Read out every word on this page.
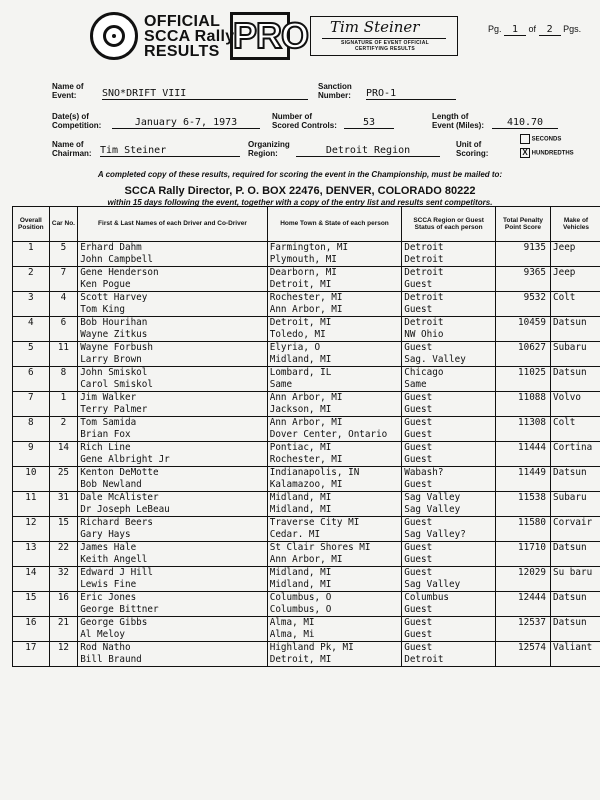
OFFICIAL
SCCA Rally
RESULTS PRO Tim Steiner
SIGNATURE OF EVENT OFFICIAL
CERTIFYING RESULTS
Pg. 1 of 2 Pgs.
Name of
Event:	SNO*DRIFT VIII
Sanction
Number: PRO-1
Date(s) of
Competition:	January 6-7, 1973
Number of
Scored Controls:	53
Length of
Event (Miles):	410.70
Name of
Chairman: Tim Steiner
Organizing
Region:	Detroit Region
Unit of
Scoring:
SECONDS
X HUNDREDTHS
A completed copy of these results, required for scoring the event in the Championship, must be mailed to:
SCCA Rally Director, P. O. BOX 22476, DENVER, COLORADO 80222
within 15 days following the event, together with a copy of the entry list and results sent competitors.
Overall Position	Car No.	First & Last Names of each Driver and Co-Driver	Home Town & State of each person	SCCA Region or Guest Status of each person	Total Penalty Point Score	Make of Vehicles
1	5	Erhard Dahm	Farmington, MI	Detroit	9135	Jeep
		John Campbell	Plymouth, MI	Detroit		
2	7	Gene Henderson	Dearborn, MI	Detroit	9365	Jeep
		Ken Pogue	Detroit, MI	Guest		
3	4	Scott Harvey	Rochester, MI	Detroit	9532	Colt
		Tom King	Ann Arbor, MI	Guest		
4	6	Bob Hourihan	Detroit, MI	Detroit	10459	Datsun
		Wayne Zitkus	Toledo, MI	NW Ohio		
5	11	Wayne Forbush	Elyria, O	Guest	10627	Subaru
		Larry Brown	Midland, MI	Sag. Valley		
6	8	John Smiskol	Lombard, IL	Chicago	11025	Datsun
		Carol Smiskol	Same	Same		
7	1	Jim Walker	Ann Arbor, MI	Guest	11088	Volvo
		Terry Palmer	Jackson, MI	Guest		
8	2	Tom Samida	Ann Arbor, MI	Guest	11308	Colt
		Brian Fox	Dover Center, Ontario	Guest		
9	14	Rich Line	Pontiac, MI	Guest	11444	Cortina
		Gene Albright Jr	Rochester, MI	Guest		
10	25	Kenton DeMotte	Indianapolis, IN	Wabash?	11449	Datsun
		Bob Newland	Kalamazoo, MI	Guest		
11	31	Dale McAlister	Midland, MI	Sag Valley	11538	Subaru
		Dr Joseph LeBeau	Midland, MI	Sag Valley		
12	15	Richard Beers	Traverse City MI	Guest	11580	Corvair
		Gary Hays	Cedar. MI	Sag Valley?		
13	22	James Hale	St Clair Shores MI	Guest	11710	Datsun
		Keith Angell	Ann Arbor, MI	Guest		
14	32	Edward J Hill	Midland, MI	Guest	12029	Su baru
		Lewis Fine	Midland, MI	Sag Valley		
15	16	Eric Jones	Columbus, O	Columbus	12444	Datsun
		George Bittner	Columbus, O	Guest		
16	21	George Gibbs	Alma, MI	Guest	12537	Datsun
		Al Meloy	Alma, Mi	Guest		
17	12	Rod Natho	Highland Pk, MI	Guest	12574	Valiant
		Bill Braund	Detroit, MI	Detroit		
